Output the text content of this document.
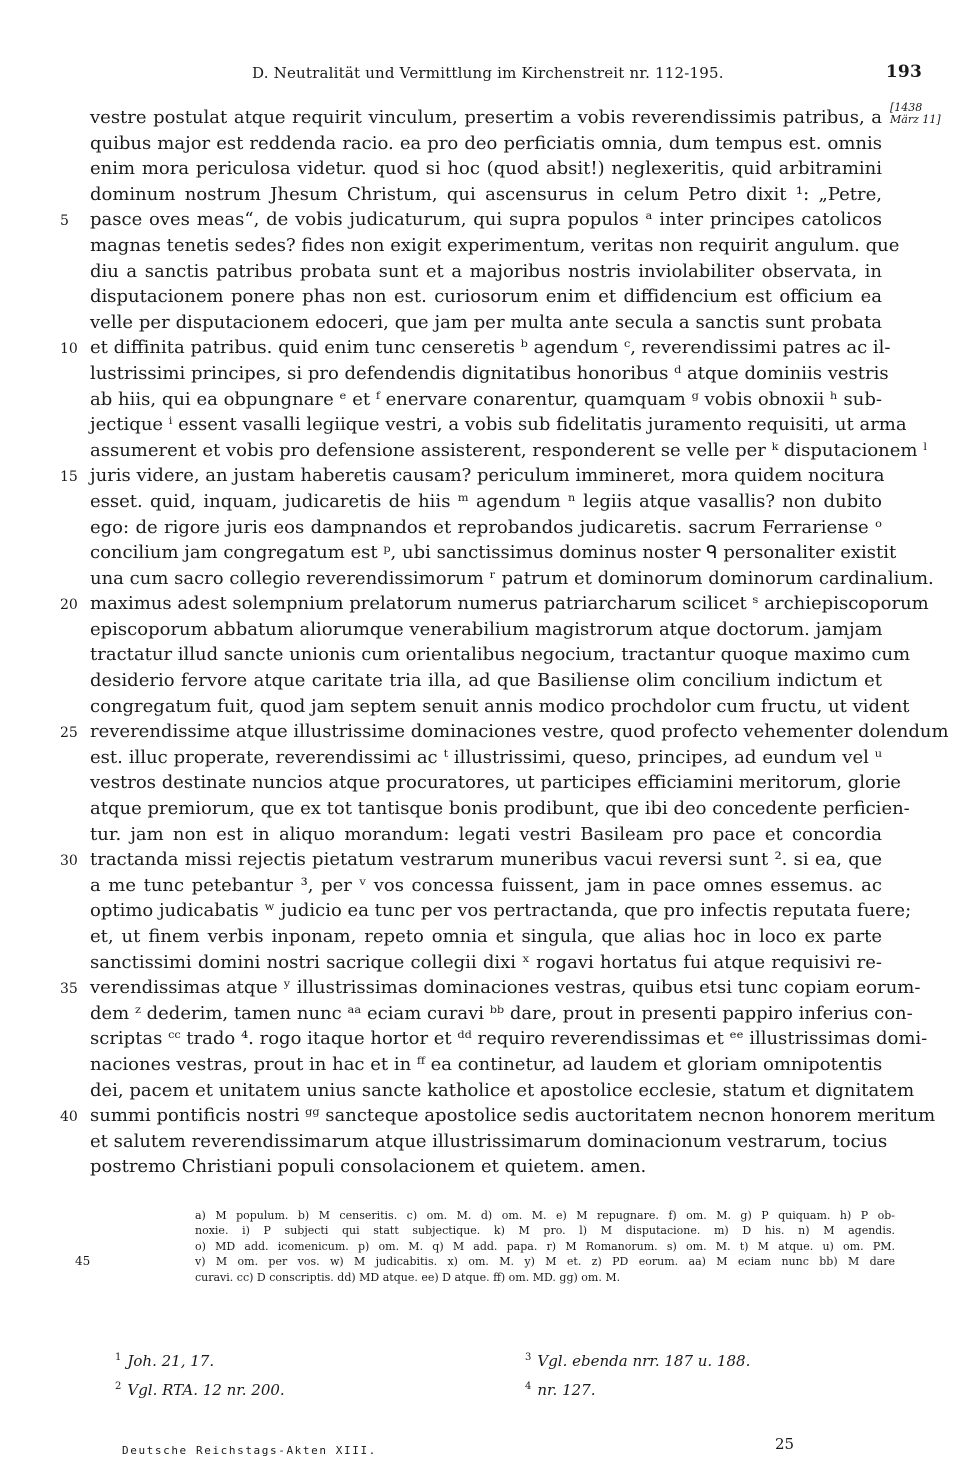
D. Neutralität und Vermittlung im Kirchenstreit nr. 112-195.	193
[1438 März 11]
vestre postulat atque requirit vinculum, presertim a vobis reverendissimis patribus, a
quibus major est reddenda racio. ea pro deo perficiatis omnia, dum tempus est. omnis
enim mora periculosa videtur. quod si hoc (quod absit!) neglexeritis, quid arbitramini
dominum nostrum Jhesum Christum, qui ascensurus in celum Petro dixit ¹: „Petre,
5	pasce oves meas“, de vobis judicaturum, qui supra populos ᵃ inter principes catolicos
magnas tenetis sedes? fides non exigit experimentum, veritas non requirit angulum. que
diu a sanctis patribus probata sunt et a majoribus nostris inviolabiliter observata, in
disputacionem ponere phas non est. curiosorum enim et diffidencium est officium ea
velle per disputacionem edoceri, que jam per multa ante secula a sanctis sunt probata
10 et diffinita patribus. quid enim tunc censeretis ᵇ agendum ᶜ, reverendissimi patres ac il-
lustrissimi principes, si pro defendendis dignitatibus honoribus ᵈ atque dominiis vestris
ab hiis, qui ea obpungnare ᵉ et ᶠ enervare conarentur, quamquam ᵍ vobis obnoxii ʰ sub-
jectique ⁱ essent vasalli legiique vestri, a vobis sub fidelitatis juramento requisiti, ut arma
assumerent et vobis pro defensione assisterent, responderent se velle per ᵏ disputacionem ˡ
15 juris videre, an justam haberetis causam? periculum immineret, mora quidem nocitura
esset. quid, inquam, judicaretis de hiis ᵐ agendum ⁿ legiis atque vasallis? non dubito
ego: de rigore juris eos dampnandos et reprobandos judicaretis. sacrum Ferrariense ᵒ
concilium jam congregatum est ᵖ, ubi sanctissimus dominus noster ᑫ personaliter existit
una cum sacro collegio reverendissimorum ʳ patrum et dominorum dominorum cardinalium.
20 maximus adest solempnium prelatorum numerus patriarcharum scilicet ˢ archiepiscoporum
episcoporum abbatum aliorumque venerabilium magistrorum atque doctorum. jamjam
tractatur illud sancte unionis cum orientalibus negocium, tractantur quoque maximo cum
desiderio fervore atque caritate tria illa, ad que Basiliense olim concilium indictum et
congregatum fuit, quod jam septem senuit annis modico prochdolor cum fructu, ut vident
25 reverendissime atque illustrissime dominaciones vestre, quod profecto vehementer dolendum
est. illuc properate, reverendissimi ac ᵗ illustrissimi, queso, principes, ad eundum vel ᵘ
vestros destinate nuncios atque procuratores, ut participes efficiamini meritorum, glorie
atque premiorum, que ex tot tantisque bonis prodibunt, que ibi deo concedente perficien-
tur. jam non est in aliquo morandum: legati vestri Basileam pro pace et concordia
30 tractanda missi rejectis pietatum vestrarum muneribus vacui reversi sunt ². si ea, que
a me tunc petebantur ³, per ᵛ vos concessa fuissent, jam in pace omnes essemus. ac
optimo judicabatis ʷ judicio ea tunc per vos pertractanda, que pro infectis reputata fuere;
et, ut finem verbis inponam, repeto omnia et singula, que alias hoc in loco ex parte
sanctissimi domini nostri sacrique collegii dixi ˣ rogavi hortatus fui atque requisivi re-
35 verendissimas atque ʸ illustrissimas dominaciones vestras, quibus etsi tunc copiam eorum-
dem ᶻ dederim, tamen nunc ᵃᵃ eciam curavi ᵇᵇ dare, prout in presenti pappiro inferius con-
scriptas ᶜᶜ trado ⁴. rogo itaque hortor et ᵈᵈ requiro reverendissimas et ᵉᵉ illustrissimas domi-
naciones vestras, prout in hac et in ᶠᶠ ea continetur, ad laudem et gloriam omnipotentis
dei, pacem et unitatem unius sancte katholice et apostolice ecclesie, statum et dignitatem
40 summi pontificis nostri ᵍᵍ sancteque apostolice sedis auctoritatem necnon honorem meritum
et salutem reverendissimarum atque illustrissimarum dominacionum vestrarum, tocius
postremo Christiani populi consolacionem et quietem. amen.
45
a) M populum. b) M censeritis. c) om. M. d) om. M. e) M repugnare. f) om. M. g) P quiquam. h) P ob-
noxie. i) P subjecti qui statt subjectique. k) M pro. l) M disputacione. m) D his. n) M agendis.
o) MD add. icomenicum. p) om. M. q) M add. papa. r) M Romanorum. s) om. M. t) M atque. u) om. PM.
v) M om. per vos. w) M judicabitis. x) om. M. y) M et. z) PD eorum. aa) M eciam nunc bb) M dare
curavi. cc) D conscriptis. dd) MD atque. ee) D atque. ff) om. MD. gg) om. M.
$^1$ Joh. 21, 17.
$^2$ Vgl. RTA. 12 nr. 200.
$^3$ Vgl. ebenda nrr. 187 u. 188.
$^4$ nr. 127.
Deutsche Reichstags-Akten XIII.	25
